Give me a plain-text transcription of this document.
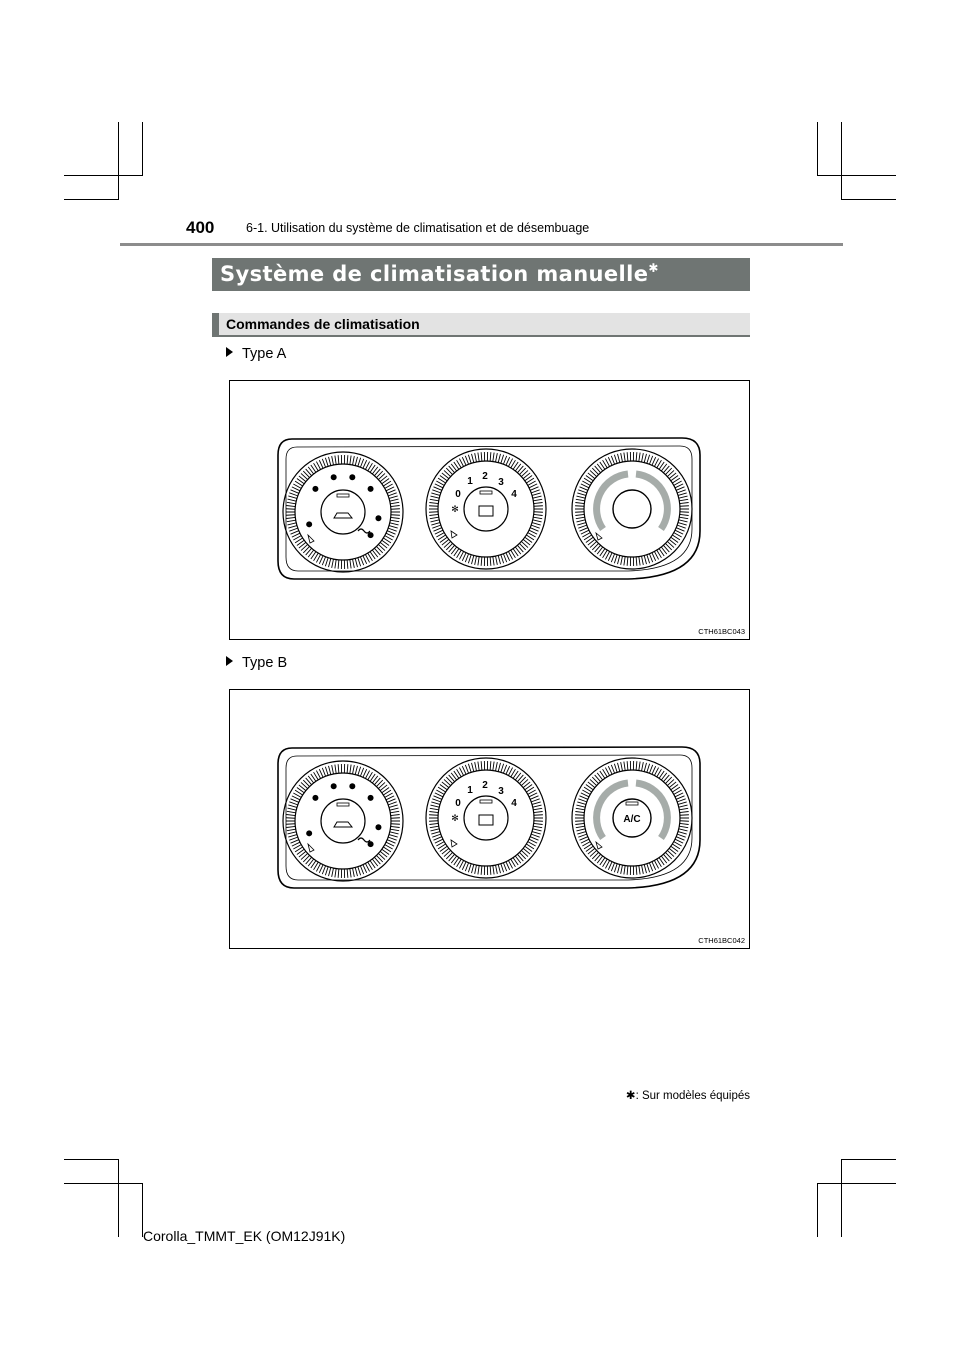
400	6-1. Utilisation du système de climatisation et de désembuage
Système de climatisation manuelle✱
Commandes de climatisation
Type A
0
1 2
3
4
✻
CTH61BC043
Type B
0
1 2
3
4
✻	A/C
CTH61BC042
✱: Sur modèles équipés
Corolla_TMMT_EK (OM12J91K)
